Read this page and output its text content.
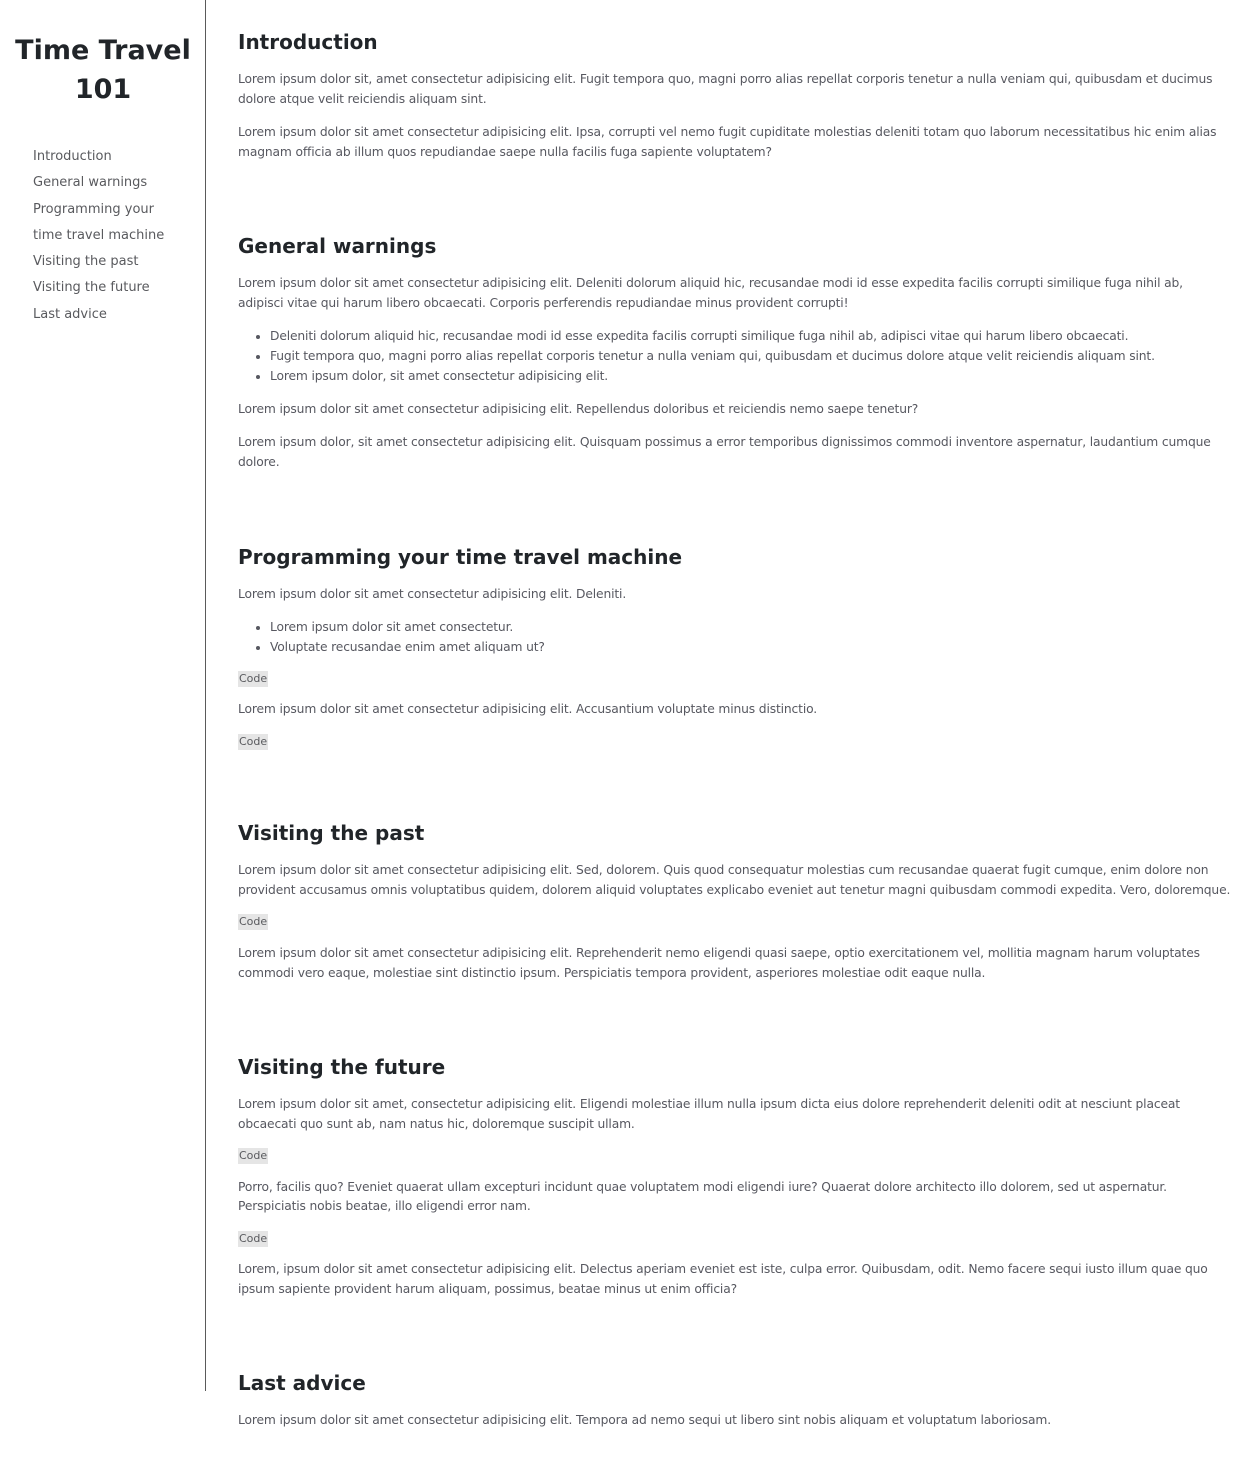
Time Travel 101
Introduction
General warnings
Programming your time travel machine
Visiting the past
Visiting the future
Last advice
Introduction

Lorem ipsum dolor sit, amet consectetur adipisicing elit. Fugit tempora quo, magni porro alias repellat corporis tenetur a nulla veniam qui, quibusdam et ducimus dolore atque velit reiciendis aliquam sint.

Lorem ipsum dolor sit amet consectetur adipisicing elit. Ipsa, corrupti vel nemo fugit cupiditate molestias deleniti totam quo laborum necessitatibus hic enim alias magnam officia ab illum quos repudiandae saepe nulla facilis fuga sapiente voluptatem?

General warnings

Lorem ipsum dolor sit amet consectetur adipisicing elit. Deleniti dolorum aliquid hic, recusandae modi id esse expedita facilis corrupti similique fuga nihil ab, adipisci vitae qui harum libero obcaecati. Corporis perferendis repudiandae minus provident corrupti!

• Deleniti dolorum aliquid hic, recusandae modi id esse expedita facilis corrupti similique fuga nihil ab, adipisci vitae qui harum libero obcaecati.
• Fugit tempora quo, magni porro alias repellat corporis tenetur a nulla veniam qui, quibusdam et ducimus dolore atque velit reiciendis aliquam sint.
• Lorem ipsum dolor, sit amet consectetur adipisicing elit.

Lorem ipsum dolor sit amet consectetur adipisicing elit. Repellendus doloribus et reiciendis nemo saepe tenetur?

Lorem ipsum dolor, sit amet consectetur adipisicing elit. Quisquam possimus a error temporibus dignissimos commodi inventore aspernatur, laudantium cumque dolore.

Programming your time travel machine

Lorem ipsum dolor sit amet consectetur adipisicing elit. Deleniti.

• Lorem ipsum dolor sit amet consectetur.
• Voluptate recusandae enim amet aliquam ut?
Code

Lorem ipsum dolor sit amet consectetur adipisicing elit. Accusantium voluptate minus distinctio.

Code
Visiting the past

Lorem ipsum dolor sit amet consectetur adipisicing elit. Sed, dolorem. Quis quod consequatur molestias cum recusandae quaerat fugit cumque, enim dolore non provident accusamus omnis voluptatibus quidem, dolorem aliquid voluptates explicabo eveniet aut tenetur magni quibusdam commodi expedita. Vero, doloremque.

Code

Lorem ipsum dolor sit amet consectetur adipisicing elit. Reprehenderit nemo eligendi quasi saepe, optio exercitationem vel, mollitia magnam harum voluptates commodi vero eaque, molestiae sint distinctio ipsum. Perspiciatis tempora provident, asperiores molestiae odit eaque nulla.

Visiting the future

Lorem ipsum dolor sit amet, consectetur adipisicing elit. Eligendi molestiae illum nulla ipsum dicta eius dolore reprehenderit deleniti odit at nesciunt placeat obcaecati quo sunt ab, nam natus hic, doloremque suscipit ullam.

Code

Porro, facilis quo? Eveniet quaerat ullam excepturi incidunt quae voluptatem modi eligendi iure? Quaerat dolore architecto illo dolorem, sed ut aspernatur. Perspiciatis nobis beatae, illo eligendi error nam.

Code

Lorem, ipsum dolor sit amet consectetur adipisicing elit. Delectus aperiam eveniet est iste, culpa error. Quibusdam, odit. Nemo facere sequi iusto illum quae quo ipsum sapiente provident harum aliquam, possimus, beatae minus ut enim officia?

Last advice

Lorem ipsum dolor sit amet consectetur adipisicing elit. Tempora ad nemo sequi ut libero sint nobis aliquam et voluptatum laboriosam.
